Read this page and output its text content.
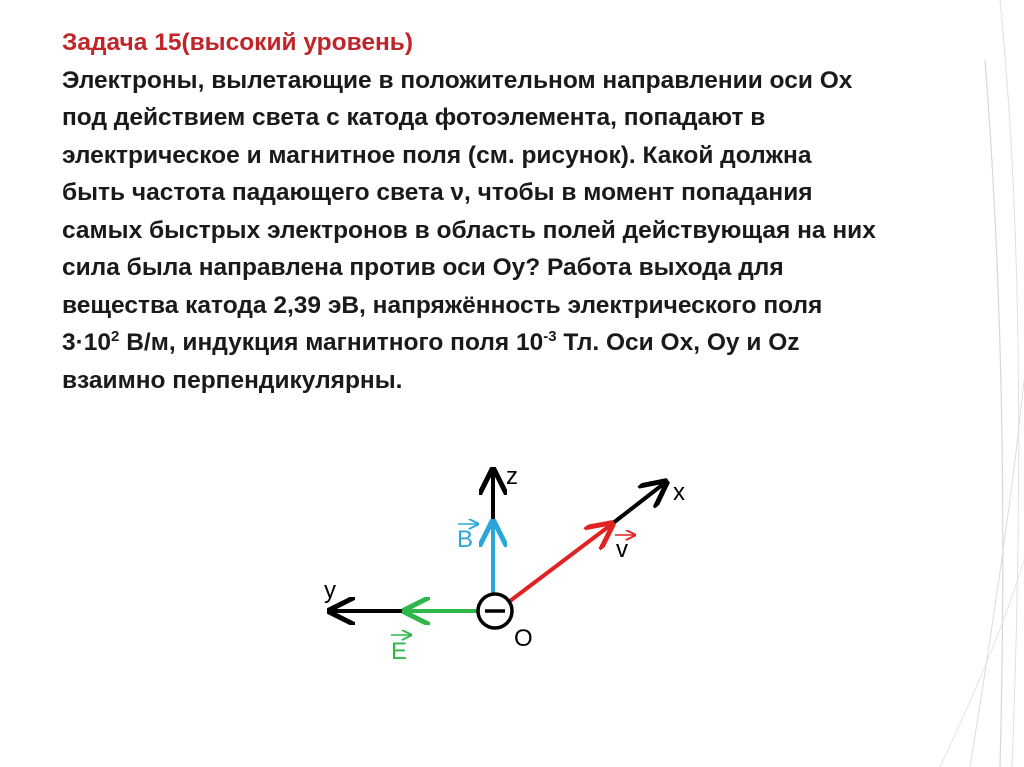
Задача 15(высокий уровень)
Электроны, вылетающие в положительном направлении оси Ох
под действием света с катода фотоэлемента, попадают в
электрическое и магнитное поля (см. рисунок). Какой должна
быть частота падающего света ν, чтобы в момент попадания
самых быстрых электронов в область полей действующая на них
сила была направлена против оси Оу? Работа выхода для
вещества катода 2,39 эВ, напряжённость электрического поля
$3\cdot 10^2$ В/м, индукция магнитного поля $10^{-3}$ Тл. Оси Ох, Оу и Оz
взаимно перпендикулярны.
z
x
y
O
B
E
v
